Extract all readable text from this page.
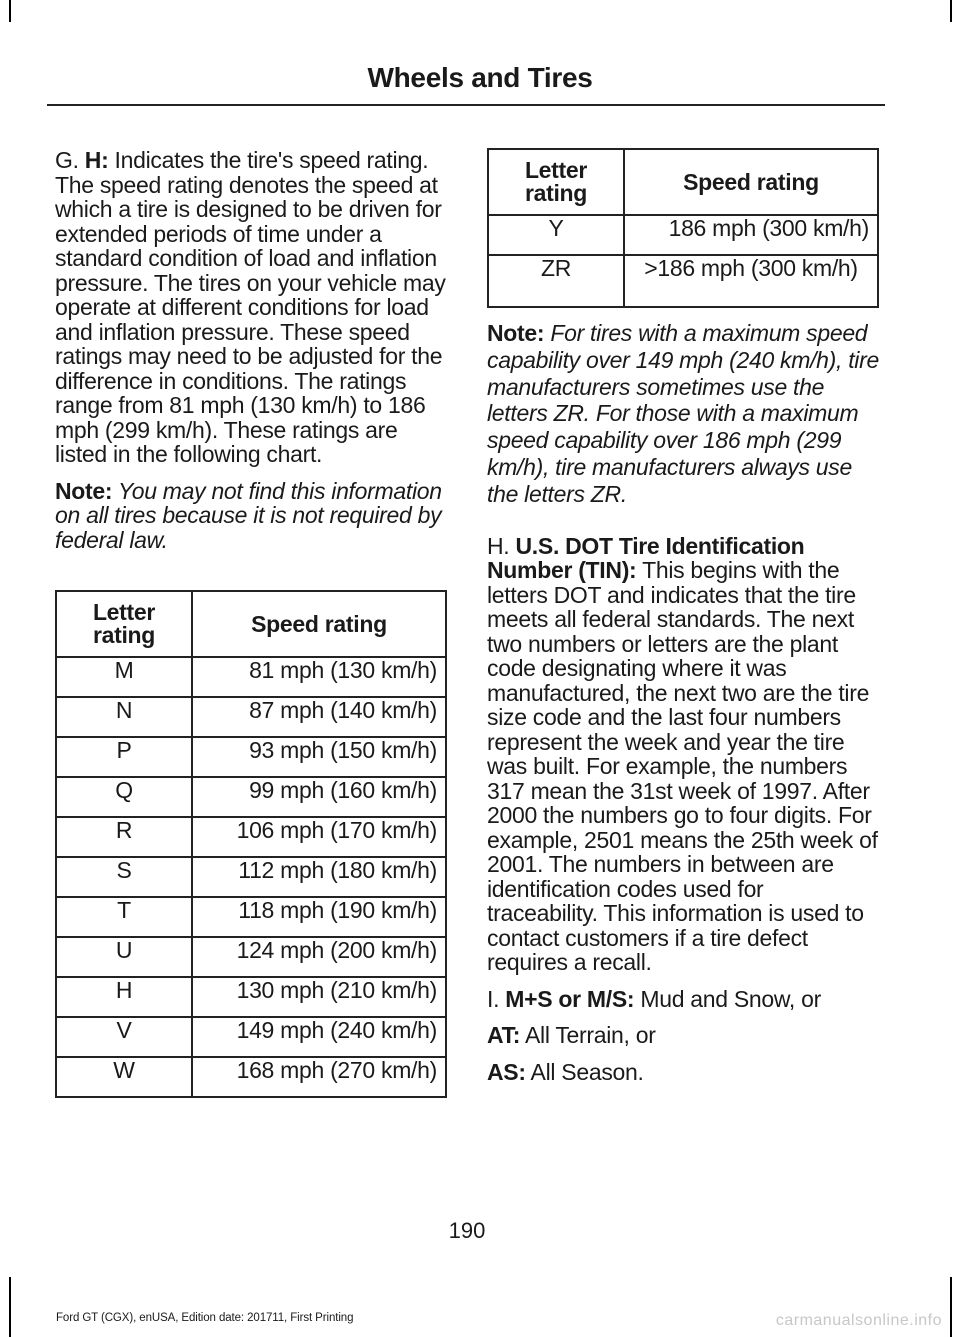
Wheels and Tires

G. H: Indicates the tire's speed rating. The speed rating denotes the speed at which a tire is designed to be driven for extended periods of time under a standard condition of load and inflation pressure. The tires on your vehicle may operate at different conditions for load and inflation pressure. These speed ratings may need to be adjusted for the difference in conditions. The ratings range from 81 mph (130 km/h) to 186 mph (299 km/h). These ratings are listed in the following chart.

Note: You may not find this information on all tires because it is not required by federal law.

Letter rating	Speed rating
M	81 mph (130 km/h)
N	87 mph (140 km/h)
P	93 mph (150 km/h)
Q	99 mph (160 km/h)
R	106 mph (170 km/h)
S	112 mph (180 km/h)
T	118 mph (190 km/h)
U	124 mph (200 km/h)
H	130 mph (210 km/h)
V	149 mph (240 km/h)
W	168 mph (270 km/h)
Letter rating	Speed rating
Y	186 mph (300 km/h)
ZR	>186 mph (300 km/h)

Note: For tires with a maximum speed capability over 149 mph (240 km/h), tire manufacturers sometimes use the letters ZR. For those with a maximum speed capability over 186 mph (299 km/h), tire manufacturers always use the letters ZR.

H. U.S. DOT Tire Identification Number (TIN): This begins with the letters DOT and indicates that the tire meets all federal standards. The next two numbers or letters are the plant code designating where it was manufactured, the next two are the tire size code and the last four numbers represent the week and year the tire was built. For example, the numbers 317 mean the 31st week of 1997. After 2000 the numbers go to four digits. For example, 2501 means the 25th week of 2001. The numbers in between are identification codes used for traceability. This information is used to contact customers if a tire defect requires a recall.

I. M+S or M/S: Mud and Snow, or

AT: All Terrain, or

AS: All Season.

190
Ford GT (CGX), enUSA, Edition date: 201711, First Printing	carmanualsonline.info
